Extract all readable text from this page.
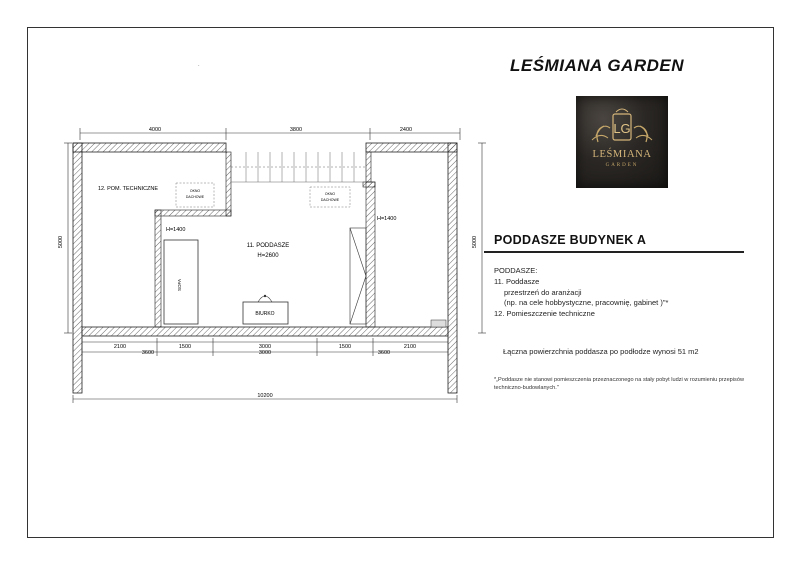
LEŚMIANA GARDEN
LG
LEŚMIANA
GARDEN
4000	3800	2400
5000	5000
OKNO
DACHOWE
OKNO
DACHOWE
12. POM. TECHNICZNE
11. PODDASZE
H=2600
H=1400
H=1400
SOFA
BIURKO
2100	1500	3000	1500	2100
3600	3000	3600
10200
·
PODDASZE BUDYNEK A
PODDASZE:
11. Poddasze
przestrzeń do aranżacji
(np. na cele hobbystyczne, pracownię, gabinet )"*
12. Pomieszczenie techniczne
Łączna powierzchnia poddasza po podłodze wynosi 51 m2
*„Poddasze nie stanowi pomieszczenia przeznaczonego na stały pobyt ludzi w rozumieniu przepisów techniczno-budowlanych."
